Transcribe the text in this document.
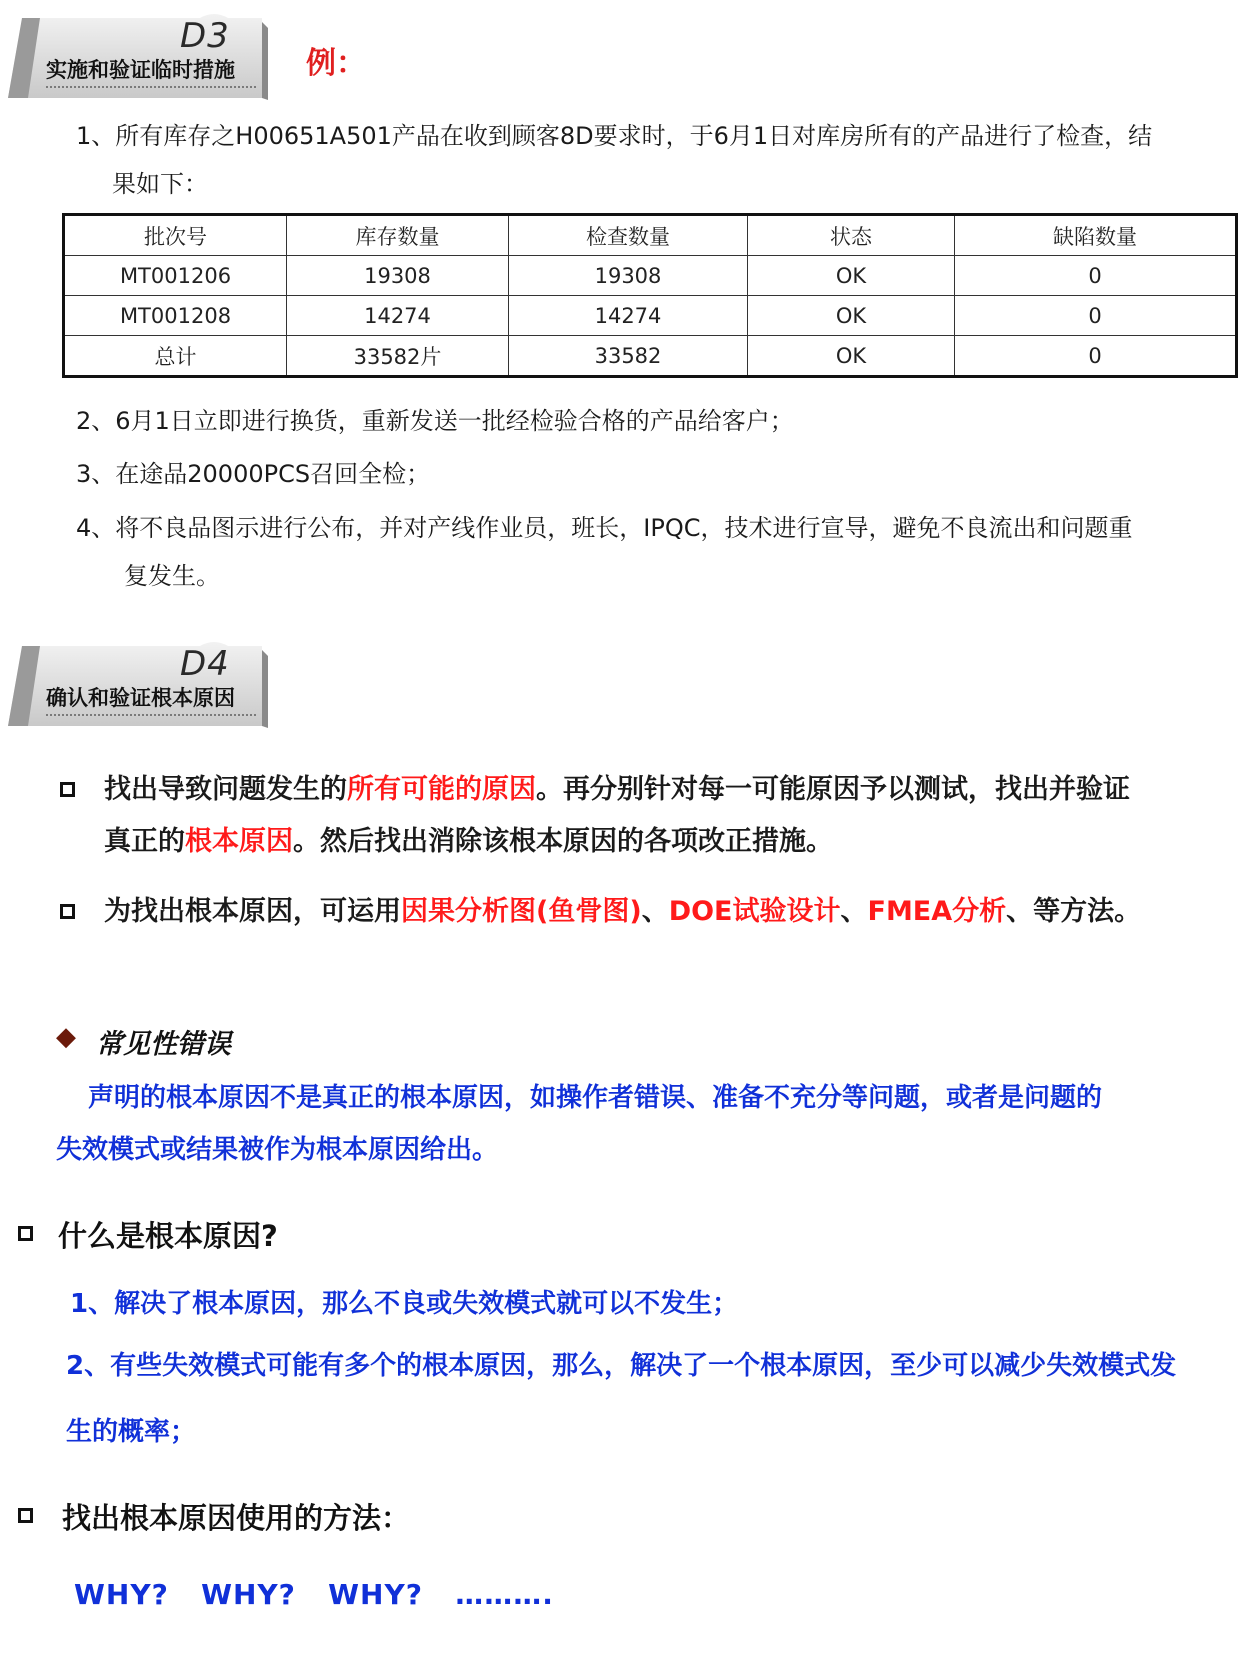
D3
实施和验证临时措施	例：
1、所有库存之H00651A501产品在收到顾客8D要求时，于6月1日对库房所有的产品进行了检查，结
果如下：
批次号	库存数量	检查数量	状态	缺陷数量
MT001206	19308	19308	OK	0
MT001208	14274	14274	OK	0
总计	33582片	33582	OK	0
2、6月1日立即进行换货，重新发送一批经检验合格的产品给客户；
3、在途品20000PCS召回全检；
4、将不良品图示进行公布，并对产线作业员，班长，IPQC，技术进行宣导，避免不良流出和问题重
复发生。
D4
确认和验证根本原因
找出导致问题发生的所有可能的原因。再分别针对每一可能原因予以测试，找出并验证
真正的根本原因。然后找出消除该根本原因的各项改正措施。
为找出根本原因，可运用因果分析图(鱼骨图)、DOE试验设计、FMEA分析、等方法。
◆ 常见性错误
声明的根本原因不是真正的根本原因，如操作者错误、准备不充分等问题，或者是问题的
失效模式或结果被作为根本原因给出。
什么是根本原因?
1、解决了根本原因，那么不良或失效模式就可以不发生；
2、有些失效模式可能有多个的根本原因，那么，解决了一个根本原因，至少可以减少失效模式发
生的概率；
找出根本原因使用的方法：
WHY?   WHY?   WHY?   ……….
